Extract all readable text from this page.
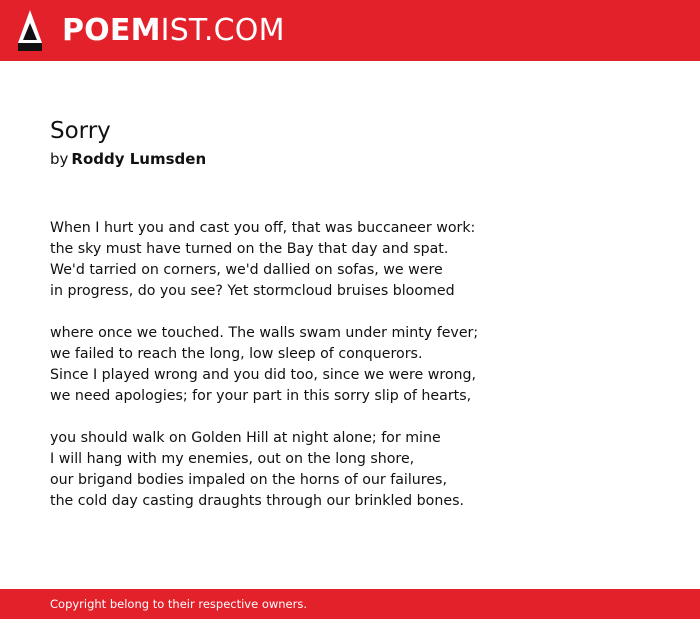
POEMIST.COM
Sorry
by Roddy Lumsden
When I hurt you and cast you off, that was buccaneer work:
the sky must have turned on the Bay that day and spat.
We'd tarried on corners, we'd dallied on sofas, we were
in progress, do you see? Yet stormcloud bruises bloomed
where once we touched. The walls swam under minty fever;
we failed to reach the long, low sleep of conquerors.
Since I played wrong and you did too, since we were wrong,
we need apologies; for your part in this sorry slip of hearts,
you should walk on Golden Hill at night alone; for mine
I will hang with my enemies, out on the long shore,
our brigand bodies impaled on the horns of our failures,
the cold day casting draughts through our brinkled bones.
Copyright belong to their respective owners.
